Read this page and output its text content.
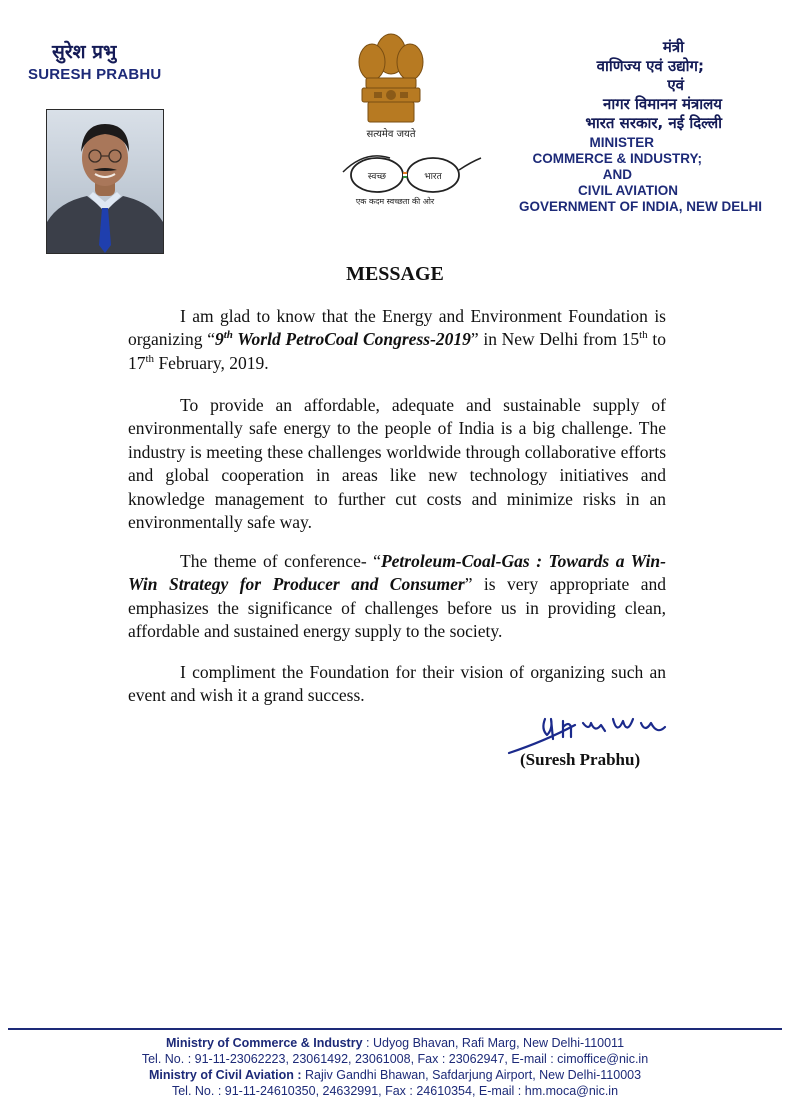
सुरेश प्रभु
SURESH PRABHU
सत्यमेव जयते
स्वच्छ	भारत
एक कदम स्वच्छता की ओर
मंत्री
वाणिज्य एवं उद्योग;
एवं
नागर विमानन मंत्रालय
भारत सरकार, नई दिल्ली
MINISTER
COMMERCE & INDUSTRY;
AND
CIVIL AVIATION
GOVERNMENT OF INDIA, NEW DELHI
MESSAGE
I am glad to know that the Energy and Environment Foundation is organizing “9th World PetroCoal Congress-2019” in New Delhi from 15th to 17th February, 2019.
To provide an affordable, adequate and sustainable supply of environmentally safe energy to the people of India is a big challenge. The industry is meeting these challenges worldwide through collaborative efforts and global cooperation in areas like new technology initiatives and knowledge management to further cut costs and minimize risks in an environmentally safe way.
The theme of conference- “Petroleum-Coal-Gas : Towards a Win-Win Strategy for Producer and Consumer” is very appropriate and emphasizes the significance of challenges before us in providing clean, affordable and sustained energy supply to the society.
I compliment the Foundation for their vision of organizing such an event and wish it a grand success.
(Suresh Prabhu)
Ministry of Commerce & Industry : Udyog Bhavan, Rafi Marg, New Delhi-110011
Tel. No. : 91-11-23062223, 23061492, 23061008, Fax : 23062947, E-mail : cimoffice@nic.in
Ministry of Civil Aviation : Rajiv Gandhi Bhawan, Safdarjung Airport, New Delhi-110003
Tel. No. : 91-11-24610350, 24632991, Fax : 24610354, E-mail : hm.moca@nic.in
